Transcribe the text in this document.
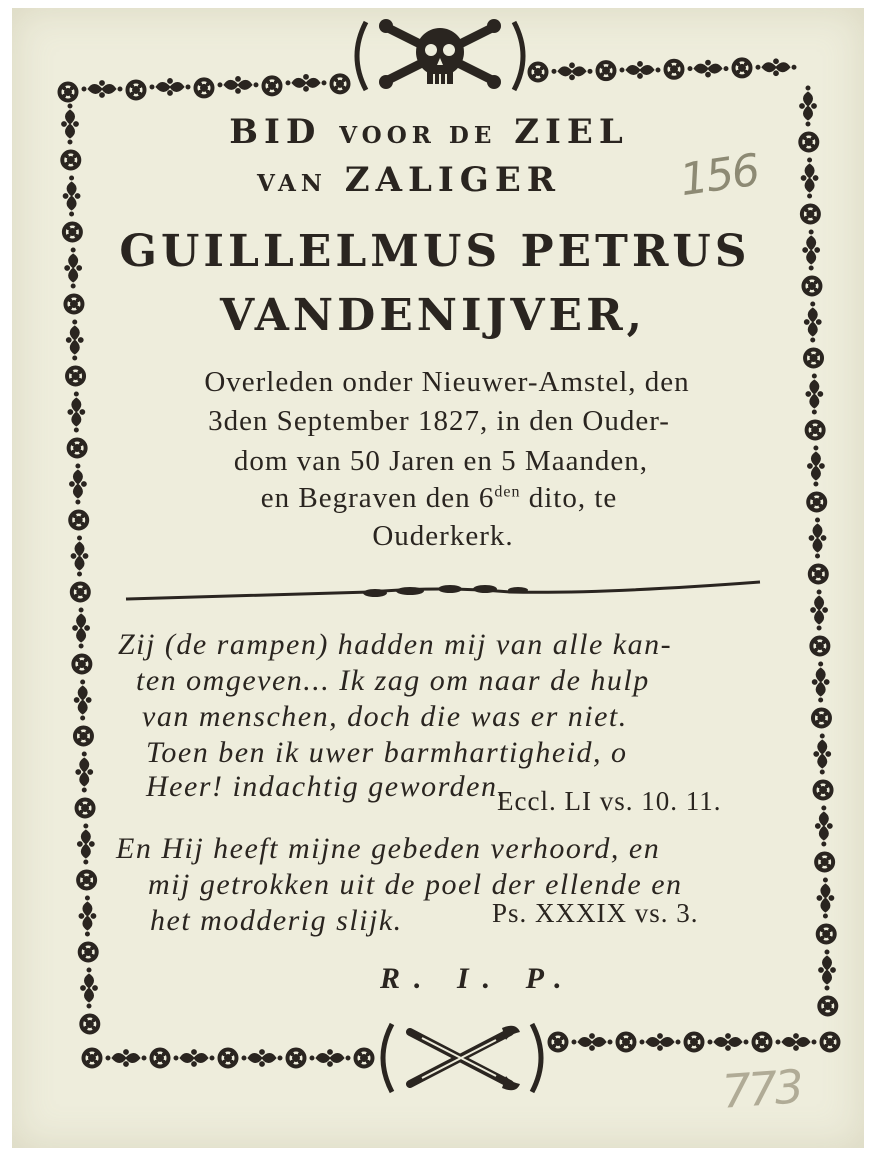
BID VOOR DE ZIEL
VAN ZALIGER	156
GUILLELMUS PETRUS
VANDENIJVER,
Overleden onder Nieuwer-Amstel, den
3den September 1827, in den Ouder-
dom van 50 Jaren en 5 Maanden,
en Begraven den $6^{den}$ dito, te
Ouderkerk.
Zij (de rampen) hadden mij van alle kan-
ten omgeven... Ik zag om naar de hulp
van menschen, doch die was er niet.
Toen ben ik uwer barmhartigheid, o
Heer! indachtig geworden.
Eccl. LI vs. 10. 11.
En Hij heeft mijne gebeden verhoord, en
mij getrokken uit de poel der ellende en
het modderig slijk.	Ps. XXXIX vs. 3.
R. I. P.
773
